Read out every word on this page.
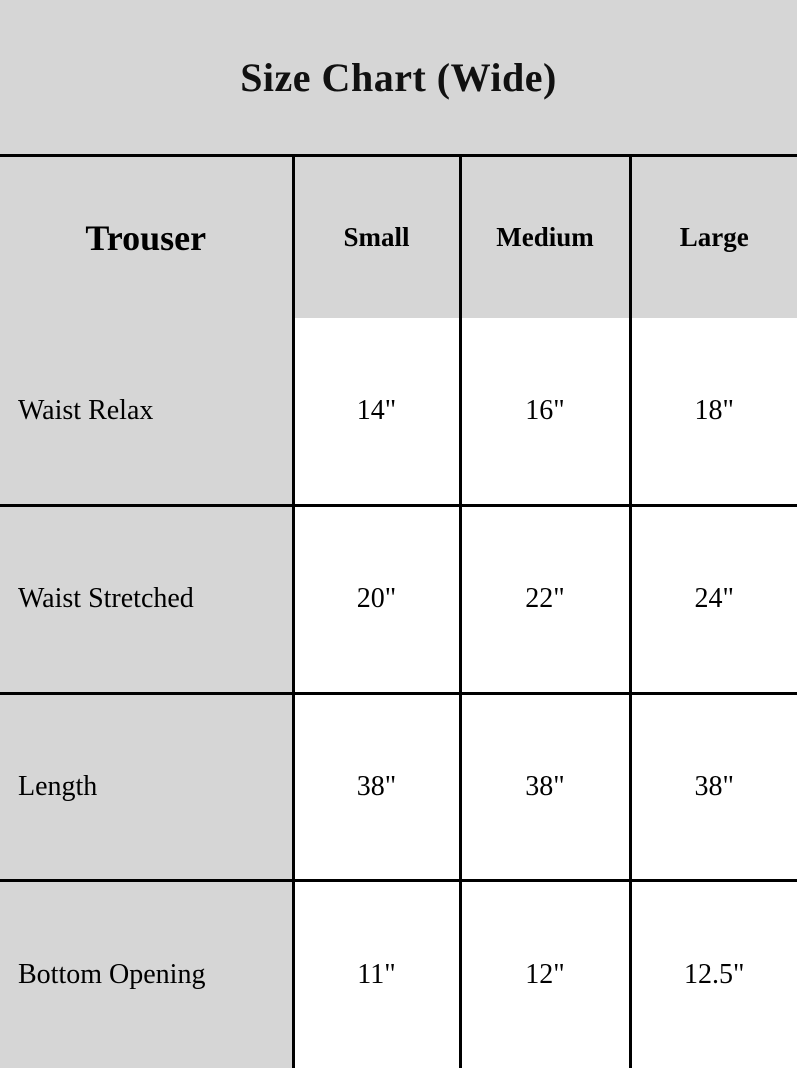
Size Chart (Wide)
Trouser	Small	Medium	Large
Waist Relax	14"	16"	18"
Waist Stretched	20"	22"	24"
Length	38"	38"	38"
Bottom Opening	11"	12"	12.5"
